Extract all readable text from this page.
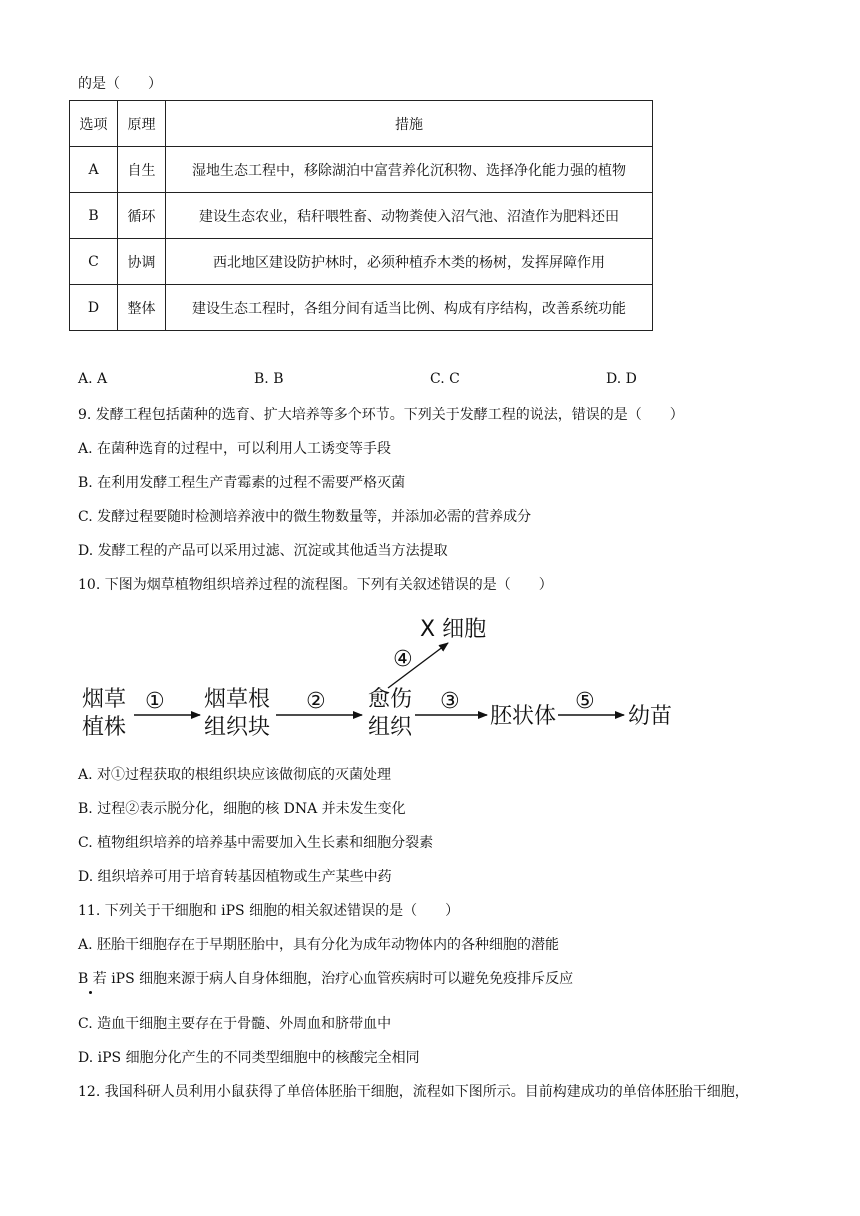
的是（　　）
选项	原理	措施
A	自生	湿地生态工程中，移除湖泊中富营养化沉积物、选择净化能力强的植物
B	循环	建设生态农业，秸秆喂牲畜、动物粪使入沼气池、沼渣作为肥料还田
C	协调	西北地区建设防护林时，必须种植乔木类的杨树，发挥屏障作用
D	整体	建设生态工程时，各组分间有适当比例、构成有序结构，改善系统功能
A. A	B. B	C. C	D. D
9. 发酵工程包括菌种的选育、扩大培养等多个环节。下列关于发酵工程的说法，错误的是（　　）
A. 在菌种选育的过程中，可以利用人工诱变等手段
B. 在利用发酵工程生产青霉素的过程不需要严格灭菌
C. 发酵过程要随时检测培养液中的微生物数量等，并添加必需的营养成分
D. 发酵工程的产品可以采用过滤、沉淀或其他适当方法提取
10. 下图为烟草植物组织培养过程的流程图。下列有关叙述错误的是（　　）
X 细胞
④
烟草
植株
① 烟草根
组织块
② 愈伤
组织
③
胚状体
⑤
幼苗
A. 对①过程获取的根组织块应该做彻底的灭菌处理
B. 过程②表示脱分化，细胞的核 DNA 并未发生变化
C. 植物组织培养的培养基中需要加入生长素和细胞分裂素
D. 组织培养可用于培育转基因植物或生产某些中药
11. 下列关于干细胞和 iPS 细胞的相关叙述错误的是（　　）
A. 胚胎干细胞存在于早期胚胎中，具有分化为成年动物体内的各种细胞的潜能
B 若 iPS 细胞来源于病人自身体细胞，治疗心血管疾病时可以避免免疫排斥反应
C. 造血干细胞主要存在于骨髓、外周血和脐带血中
D. iPS 细胞分化产生的不同类型细胞中的核酸完全相同
12. 我国科研人员利用小鼠获得了单倍体胚胎干细胞，流程如下图所示。目前构建成功的单倍体胚胎干细胞，
